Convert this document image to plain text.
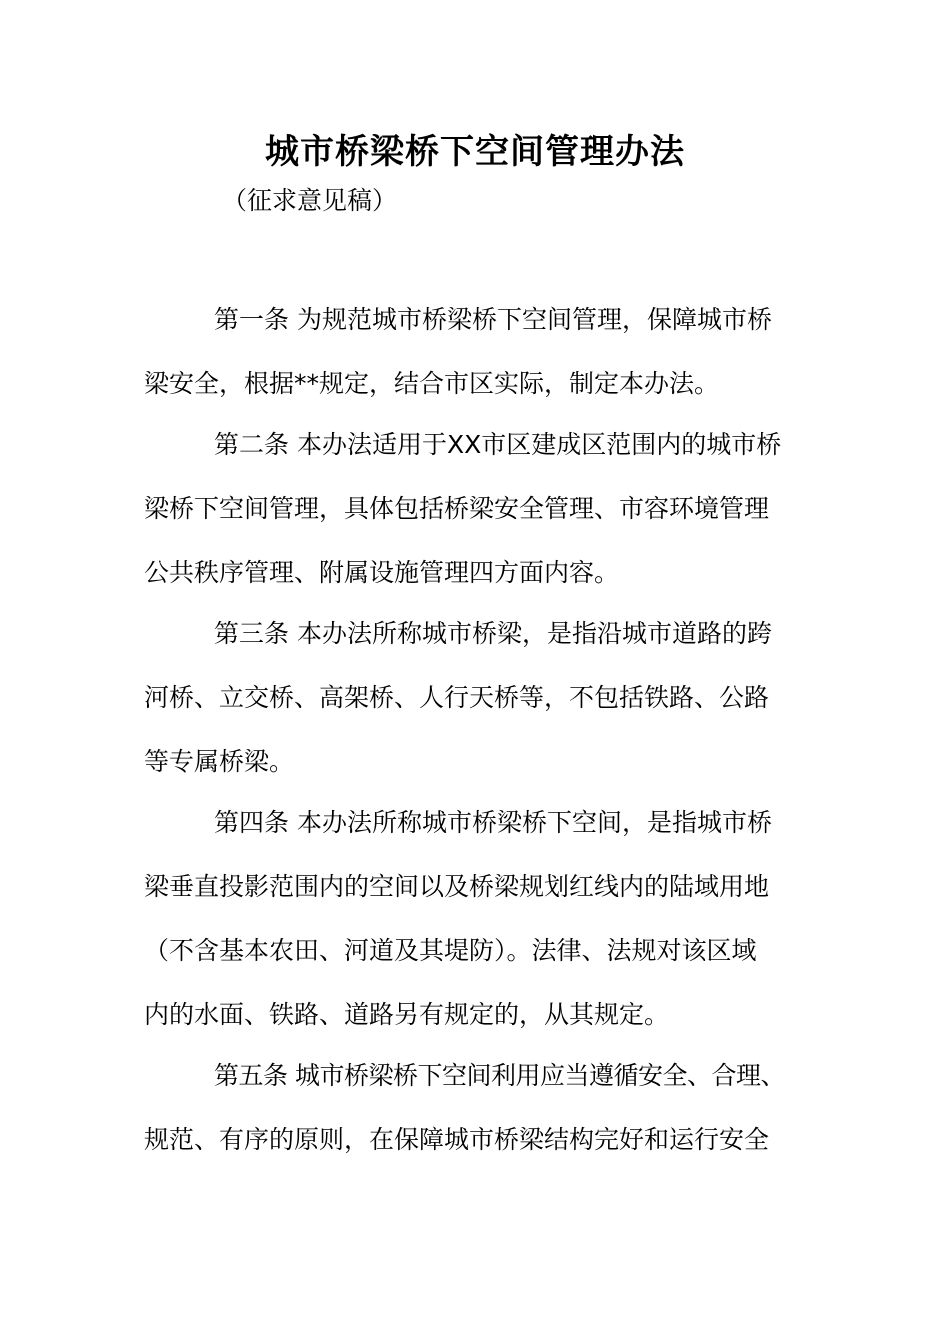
城市桥梁桥下空间管理办法
（征求意见稿）
第一条 为规范城市桥梁桥下空间管理，保障城市桥
梁安全，根据**规定，结合市区实际，制定本办法。
第二条 本办法适用于XX市区建成区范围内的城市桥
梁桥下空间管理，具体包括桥梁安全管理、市容环境管理
公共秩序管理、附属设施管理四方面内容。
第三条 本办法所称城市桥梁，是指沿城市道路的跨
河桥、立交桥、高架桥、人行天桥等，不包括铁路、公路
等专属桥梁。
第四条 本办法所称城市桥梁桥下空间，是指城市桥
梁垂直投影范围内的空间以及桥梁规划红线内的陆域用地
（不含基本农田、河道及其堤防）。法律、法规对该区域
内的水面、铁路、道路另有规定的，从其规定。
第五条 城市桥梁桥下空间利用应当遵循安全、合理、
规范、有序的原则，在保障城市桥梁结构完好和运行安全
